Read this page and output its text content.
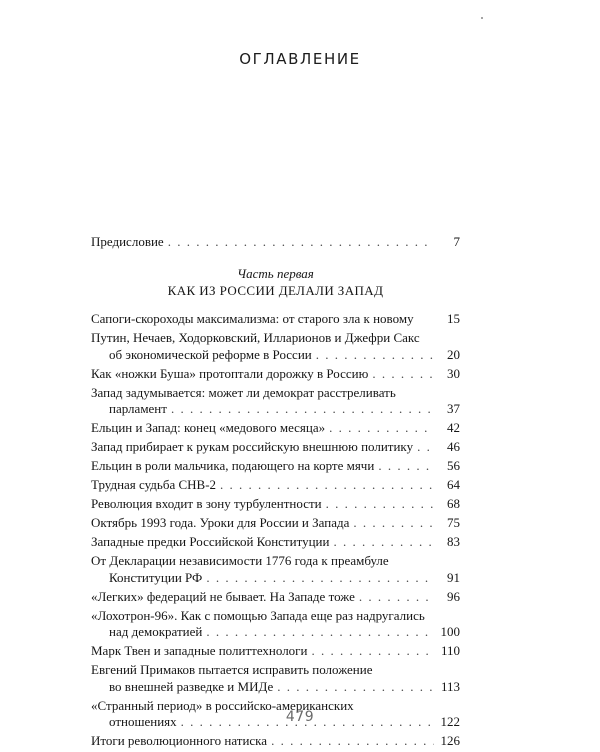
ОГЛАВЛЕНИЕ
Предисловие . . .	7
Часть первая
КАК ИЗ РОССИИ ДЕЛАЛИ ЗАПАД
Сапоги-скороходы максимализма: от старого зла к новому	15
Путин, Нечаев, Ходорковский, Илларионов и Джефри Сакс
об экономической реформе в России . . .	20
Как «ножки Буша» протоптали дорожку в Россию . . .	30
Запад задумывается: может ли демократ расстреливать
парламент . . .	37
Ельцин и Запад: конец «медового месяца» . . .	42
Запад прибирает к рукам российскую внешнюю политику . . .	46
Ельцин в роли мальчика, подающего на корте мячи . . .	56
Трудная судьба СНВ-2 . . .	64
Революция входит в зону турбулентности . . .	68
Октябрь 1993 года. Уроки для России и Запада . . .	75
Западные предки Российской Конституции . . .	83
От Декларации независимости 1776 года к преамбуле
Конституции РФ . . .	91
«Легких» федераций не бывает. На Западе тоже . . .	96
«Лохотрон-96». Как с помощью Запада еще раз надругались
над демократией . . .	100
Марк Твен и западные политтехнологи . . .	110
Евгений Примаков пытается исправить положение
во внешней разведке и МИДе . . .	113
«Странный период» в российско-американских
отношениях . . .	122
Итоги революционного натиска . . .	126
479
